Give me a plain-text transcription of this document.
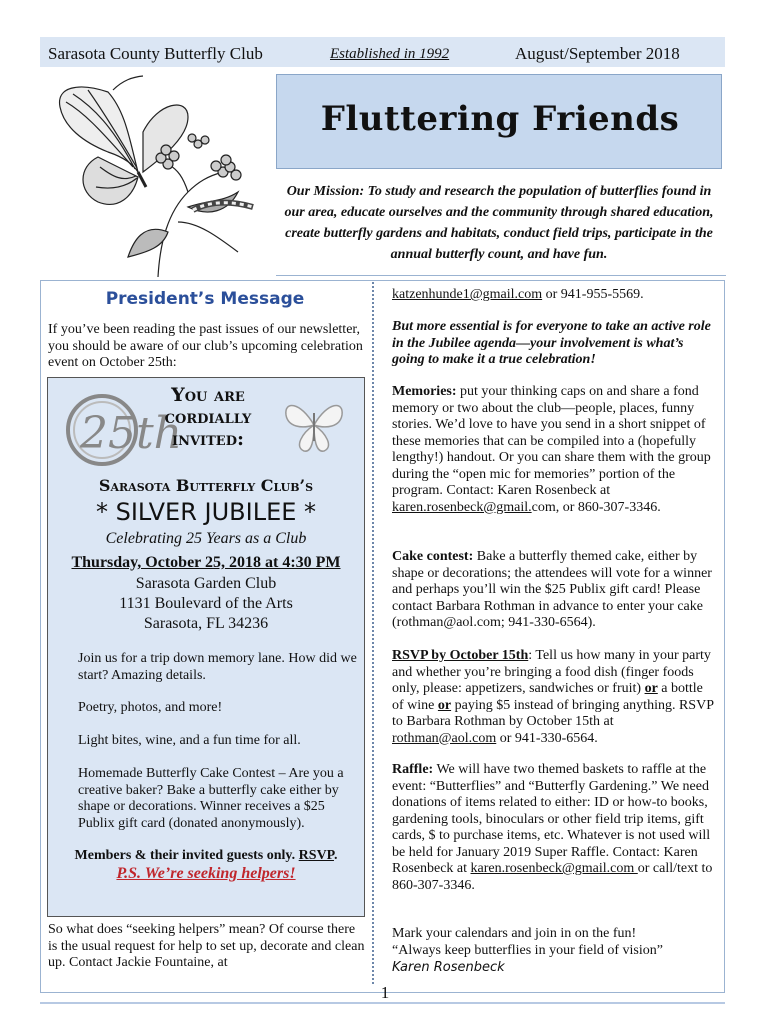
Sarasota County Butterfly Club	Established in 1992	August/September 2018
Fluttering Friends
Our Mission: To study and research the population of butterflies found in our area, educate ourselves and the community through shared education, create butterfly gardens and habitats, conduct field trips, participate in the annual butterfly count, and have fun.
President’s Message
If you’ve been reading the past issues of our newsletter, you should be aware of our club’s upcoming celebration event on October 25th:
25th
You are
cordially
invited:
Sarasota Butterfly Club’s
* SILVER JUBILEE *
Celebrating 25 Years as a Club
Thursday, October 25, 2018 at 4:30 PM
Sarasota Garden Club
1131 Boulevard of the Arts
Sarasota, FL 34236
Join us for a trip down memory lane. How did we start? Amazing details.
Poetry, photos, and more!
Light bites, wine, and a fun time for all.
Homemade Butterfly Cake Contest – Are you a creative baker? Bake a butterfly cake either by shape or decorations. Winner receives a $25 Publix gift card (donated anonymously).
Members & their invited guests only. RSVP.
P.S. We’re seeking helpers!
So what does “seeking helpers” mean? Of course there is the usual request for help to set up, decorate and clean up. Contact Jackie Fountaine, at
katzenhunde1@gmail.com or 941-955-5569.
But more essential is for everyone to take an active role in the Jubilee agenda—your involvement is what’s going to make it a true celebration!
Memories: put your thinking caps on and share a fond memory or two about the club—people, places, funny stories. We’d love to have you send in a short snippet of these memories that can be compiled into a (hopefully lengthy!) handout. Or you can share them with the group during the “open mic for memories” portion of the program. Contact: Karen Rosenbeck at karen.rosenbeck@gmail.com, or 860-307-3346.
Cake contest: Bake a butterfly themed cake, either by shape or decorations; the attendees will vote for a winner and perhaps you’ll win the $25 Publix gift card! Please contact Barbara Rothman in advance to enter your cake (rothman@aol.com; 941-330-6564).
RSVP by October 15th: Tell us how many in your party and whether you’re bringing a food dish (finger foods only, please: appetizers, sandwiches or fruit) or a bottle of wine or paying $5 instead of bringing anything. RSVP to Barbara Rothman by October 15th at rothman@aol.com or 941-330-6564.
Raffle: We will have two themed baskets to raffle at the event: “Butterflies” and “Butterfly Gardening.” We need donations of items related to either: ID or how-to books, gardening tools, binoculars or other field trip items, gift cards, $ to purchase items, etc. Whatever is not used will be held for January 2019 Super Raffle. Contact: Karen Rosenbeck at karen.rosenbeck@gmail.com or call/text to 860-307-3346.
Mark your calendars and join in on the fun!
“Always keep butterflies in your field of vision”
Karen Rosenbeck
1
